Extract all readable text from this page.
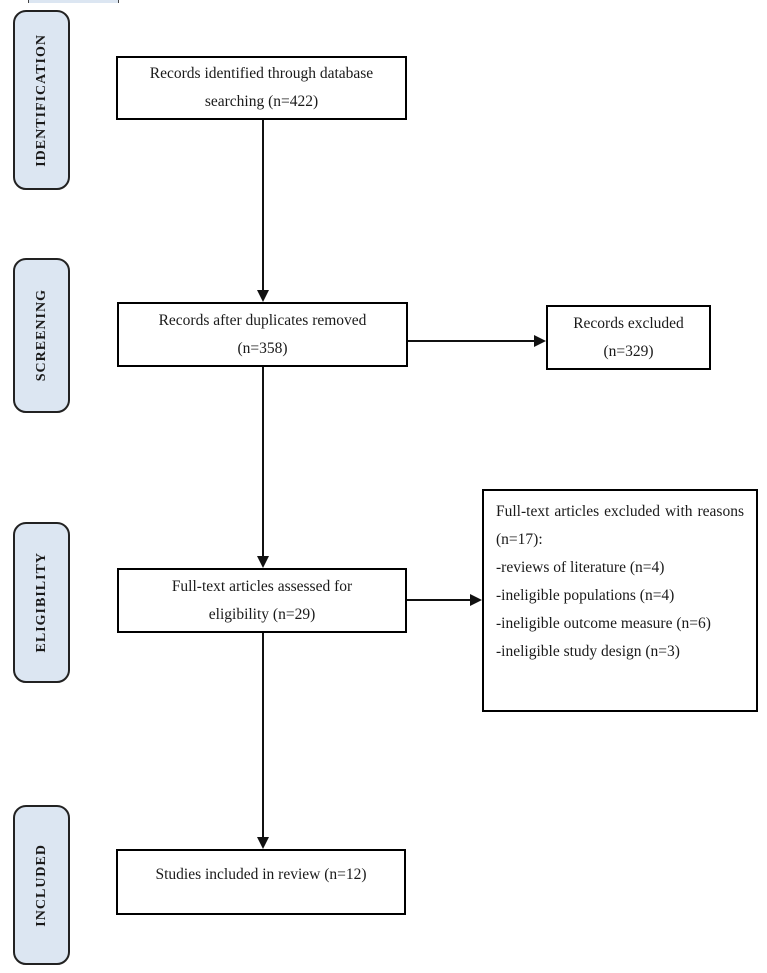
IDENTIFICATION
SCREENING
ELIGIBILITY
INCLUDED
Records identified through database
searching (n=422)
Records after duplicates removed
(n=358)
Records excluded
(n=329)
Full-text articles assessed for
eligibility (n=29)

Full-text articles excluded with reasons (n=17):

-reviews of literature (n=4)
-ineligible populations (n=4)
-ineligible outcome measure (n=6)
-ineligible study design (n=3)
Studies included in review (n=12)
